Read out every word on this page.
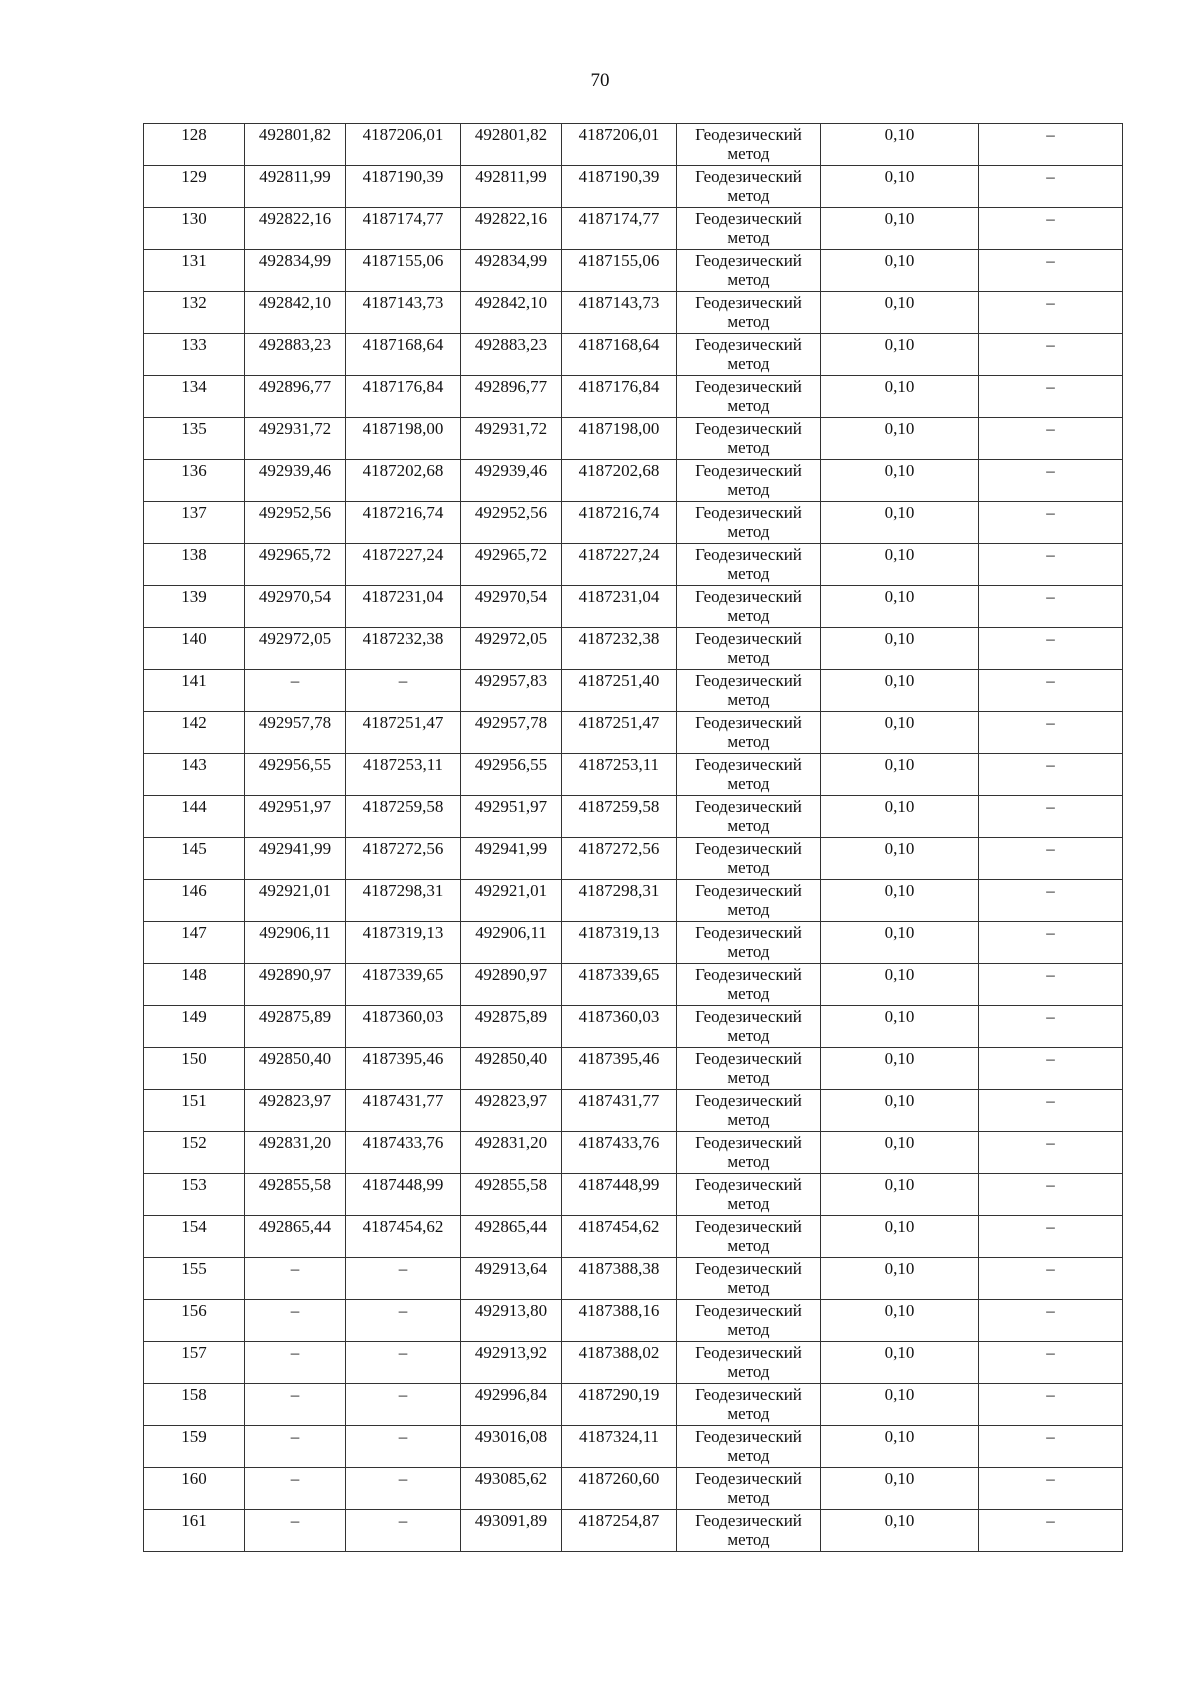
70
128	492801,82	4187206,01	492801,82	4187206,01	Геодезический метод	0,10	–
129	492811,99	4187190,39	492811,99	4187190,39	Геодезический метод	0,10	–
130	492822,16	4187174,77	492822,16	4187174,77	Геодезический метод	0,10	–
131	492834,99	4187155,06	492834,99	4187155,06	Геодезический метод	0,10	–
132	492842,10	4187143,73	492842,10	4187143,73	Геодезический метод	0,10	–
133	492883,23	4187168,64	492883,23	4187168,64	Геодезический метод	0,10	–
134	492896,77	4187176,84	492896,77	4187176,84	Геодезический метод	0,10	–
135	492931,72	4187198,00	492931,72	4187198,00	Геодезический метод	0,10	–
136	492939,46	4187202,68	492939,46	4187202,68	Геодезический метод	0,10	–
137	492952,56	4187216,74	492952,56	4187216,74	Геодезический метод	0,10	–
138	492965,72	4187227,24	492965,72	4187227,24	Геодезический метод	0,10	–
139	492970,54	4187231,04	492970,54	4187231,04	Геодезический метод	0,10	–
140	492972,05	4187232,38	492972,05	4187232,38	Геодезический метод	0,10	–
141	–	–	492957,83	4187251,40	Геодезический метод	0,10	–
142	492957,78	4187251,47	492957,78	4187251,47	Геодезический метод	0,10	–
143	492956,55	4187253,11	492956,55	4187253,11	Геодезический метод	0,10	–
144	492951,97	4187259,58	492951,97	4187259,58	Геодезический метод	0,10	–
145	492941,99	4187272,56	492941,99	4187272,56	Геодезический метод	0,10	–
146	492921,01	4187298,31	492921,01	4187298,31	Геодезический метод	0,10	–
147	492906,11	4187319,13	492906,11	4187319,13	Геодезический метод	0,10	–
148	492890,97	4187339,65	492890,97	4187339,65	Геодезический метод	0,10	–
149	492875,89	4187360,03	492875,89	4187360,03	Геодезический метод	0,10	–
150	492850,40	4187395,46	492850,40	4187395,46	Геодезический метод	0,10	–
151	492823,97	4187431,77	492823,97	4187431,77	Геодезический метод	0,10	–
152	492831,20	4187433,76	492831,20	4187433,76	Геодезический метод	0,10	–
153	492855,58	4187448,99	492855,58	4187448,99	Геодезический метод	0,10	–
154	492865,44	4187454,62	492865,44	4187454,62	Геодезический метод	0,10	–
155	–	–	492913,64	4187388,38	Геодезический метод	0,10	–
156	–	–	492913,80	4187388,16	Геодезический метод	0,10	–
157	–	–	492913,92	4187388,02	Геодезический метод	0,10	–
158	–	–	492996,84	4187290,19	Геодезический метод	0,10	–
159	–	–	493016,08	4187324,11	Геодезический метод	0,10	–
160	–	–	493085,62	4187260,60	Геодезический метод	0,10	–
161	–	–	493091,89	4187254,87	Геодезический метод	0,10	–
